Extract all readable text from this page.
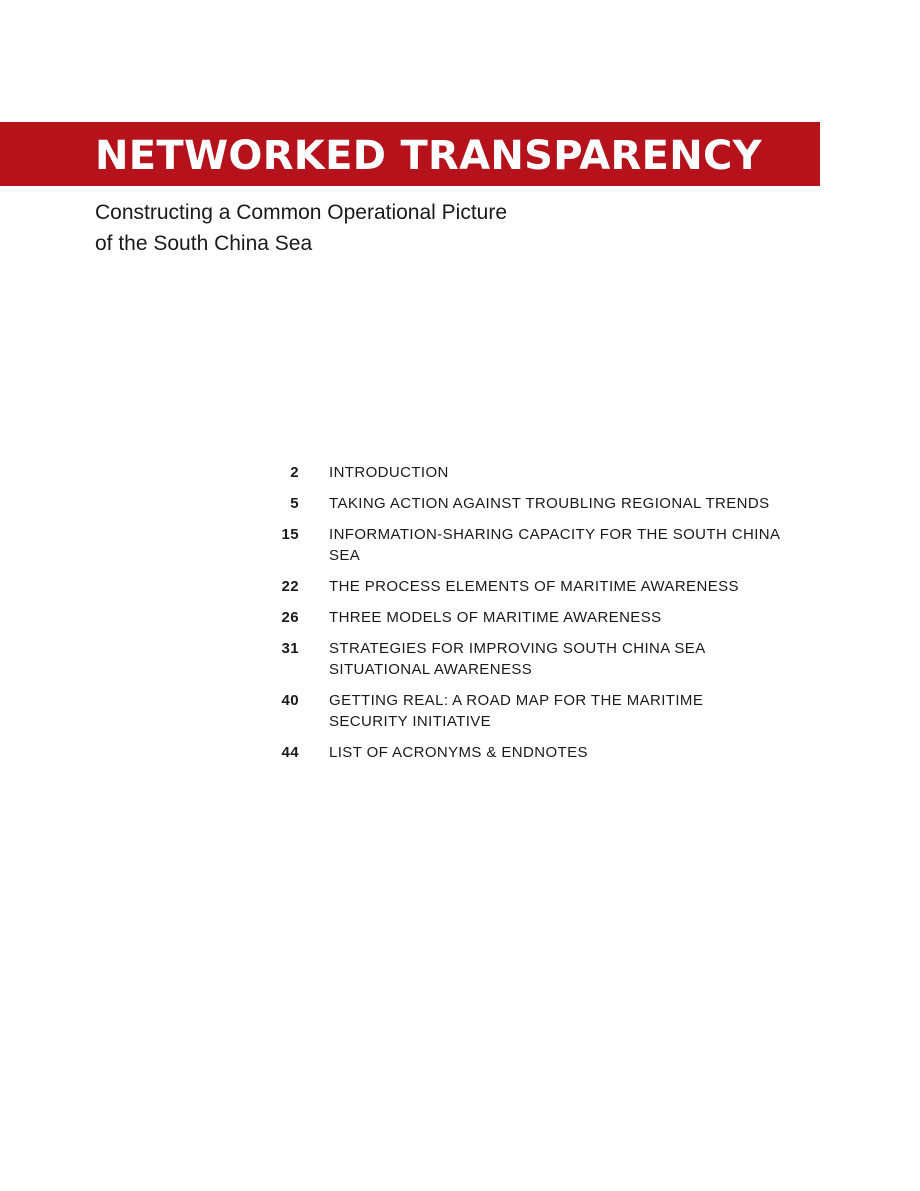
NETWORKED TRANSPARENCY
Constructing a Common Operational Picture
of the South China Sea
2 INTRODUCTION
5 TAKING ACTION AGAINST TROUBLING REGIONAL TRENDS
15 INFORMATION-SHARING CAPACITY FOR THE SOUTH CHINA SEA
22 THE PROCESS ELEMENTS OF MARITIME AWARENESS
26 THREE MODELS OF MARITIME AWARENESS
31 STRATEGIES FOR IMPROVING SOUTH CHINA SEA SITUATIONAL AWARENESS
40 GETTING REAL: A ROAD MAP FOR THE MARITIME SECURITY INITIATIVE
44 LIST OF ACRONYMS & ENDNOTES
